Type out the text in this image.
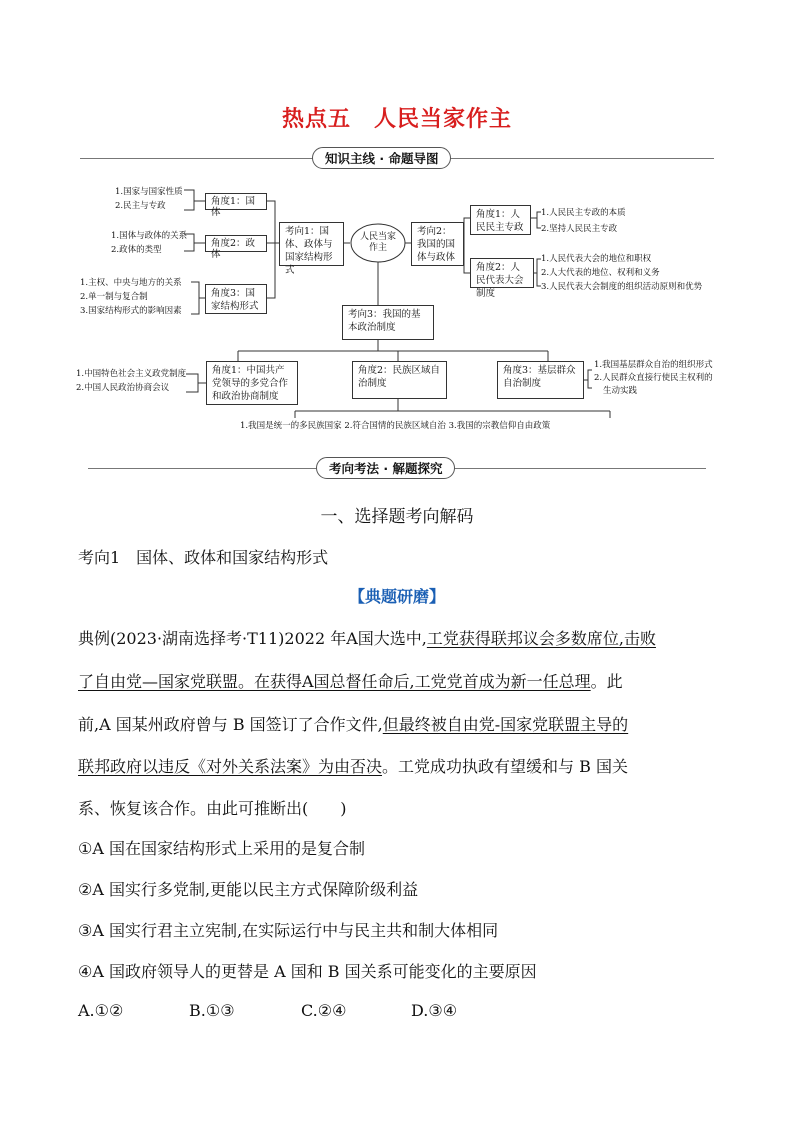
热点五　人民当家作主
知识主线 · 命题导图
1.国家与国家性质
2.民主与专政
1.国体与政体的关系
2.政体的类型
1.主权、中央与地方的关系
2.单一制与复合制
3.国家结构形式的影响因素
角度1：国体
角度2：政体
角度3：国家结构形式
考向1：国体、政体与国家结构形式
人民当家作主
考向2：我国的国体与政体
角度1：人民民主专政
角度2：人民代表大会制度
1.人民民主专政的本质
2.坚持人民民主专政
1.人民代表大会的地位和职权
2.人大代表的地位、权利和义务
3.人民代表大会制度的组织活动原则和优势
考向3：我国的基本政治制度
角度1：中国共产党领导的多党合作和政治协商制度
角度2：民族区域自治制度
角度3：基层群众自治制度
1.中国特色社会主义政党制度
2.中国人民政治协商会议
1.我国基层群众自治的组织形式
2.人民群众直接行使民主权利的
生动实践
1.我国是统一的多民族国家 2.符合国情的民族区域自治 3.我国的宗教信仰自由政策
考向考法 · 解题探究
一、选择题考向解码
考向1　国体、政体和国家结构形式
【典题研磨】
典例(2023·湖南选择考·T11)2022 年A国大选中,工党获得联邦议会多数席位,击败
了自由党—国家党联盟。在获得A国总督任命后,工党党首成为新一任总理。此
前,A 国某州政府曾与 B 国签订了合作文件,但最终被自由党-国家党联盟主导的
联邦政府以违反《对外关系法案》为由否决。工党成功执政有望缓和与 B 国关
系、恢复该合作。由此可推断出(　　)
①A 国在国家结构形式上采用的是复合制
②A 国实行多党制,更能以民主方式保障阶级利益
③A 国实行君主立宪制,在实际运行中与民主共和制大体相同
④A 国政府领导人的更替是 A 国和 B 国关系可能变化的主要原因
A.①②	B.①③	C.②④	D.③④
